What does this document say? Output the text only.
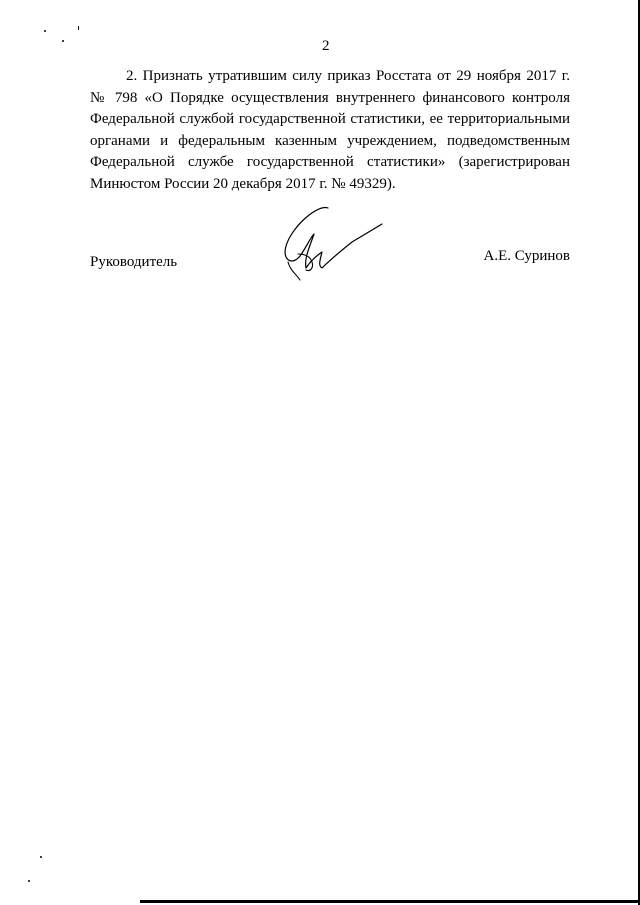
2

2. Признать утратившим силу приказ Росстата от 29 ноября 2017 г. № 798 «О Порядке осуществления внутреннего финансового контроля Федеральной службой государственной статистики, ее территориальными органами и федеральным казенным учреждением, подведомственным Федеральной службе государственной статистики» (зарегистрирован Минюстом России 20 декабря 2017 г. № 49329).

Руководитель	А.Е. Суринов
